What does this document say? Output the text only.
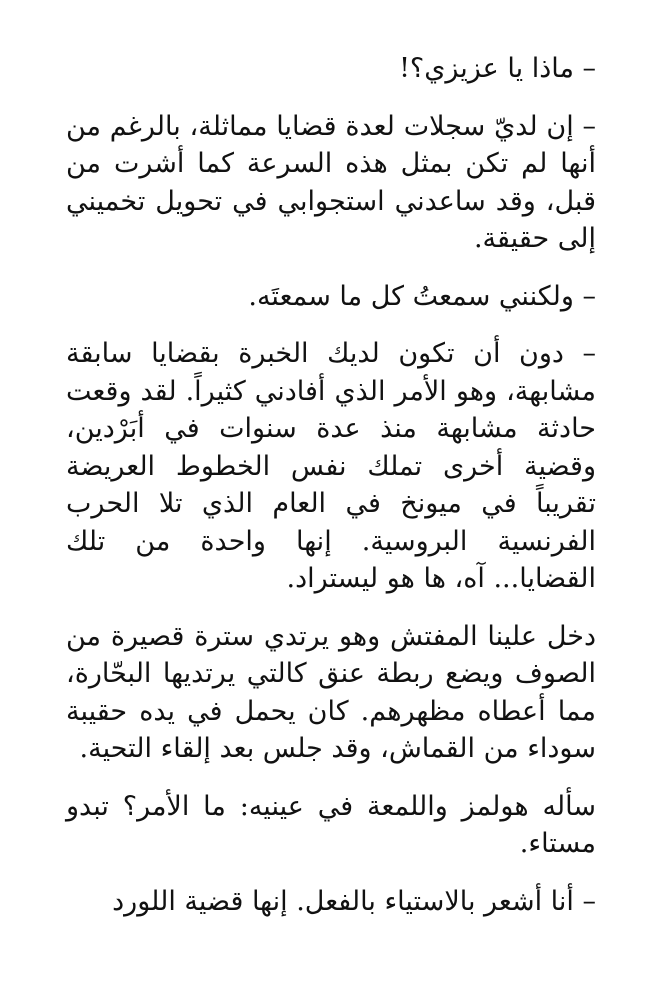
– ماذا يا عزيزي؟!

– إن لديّ سجلات لعدة قضايا مماثلة، بالرغم من أنها لم تكن بمثل هذه السرعة كما أشرت من قبل، وقد ساعدني استجوابي في تحويل تخميني إلى حقيقة.

– ولكنني سمعتُ كل ما سمعتَه.

– دون أن تكون لديك الخبرة بقضايا سابقة مشابهة، وهو الأمر الذي أفادني كثيراً. لقد وقعت حادثة مشابهة منذ عدة سنوات في أبَرْدين، وقضية أخرى تملك نفس الخطوط العريضة تقريباً في ميونخ في العام الذي تلا الحرب الفرنسية البروسية. إنها واحدة من تلك القضايا... آه، ها هو ليستراد.

دخل علينا المفتش وهو يرتدي سترة قصيرة من الصوف ويضع ربطة عنق كالتي يرتديها البحّارة، مما أعطاه مظهرهم. كان يحمل في يده حقيبة سوداء من القماش، وقد جلس بعد إلقاء التحية.

سأله هولمز واللمعة في عينيه: ما الأمر؟ تبدو مستاء.

– أنا أشعر بالاستياء بالفعل. إنها قضية اللورد
